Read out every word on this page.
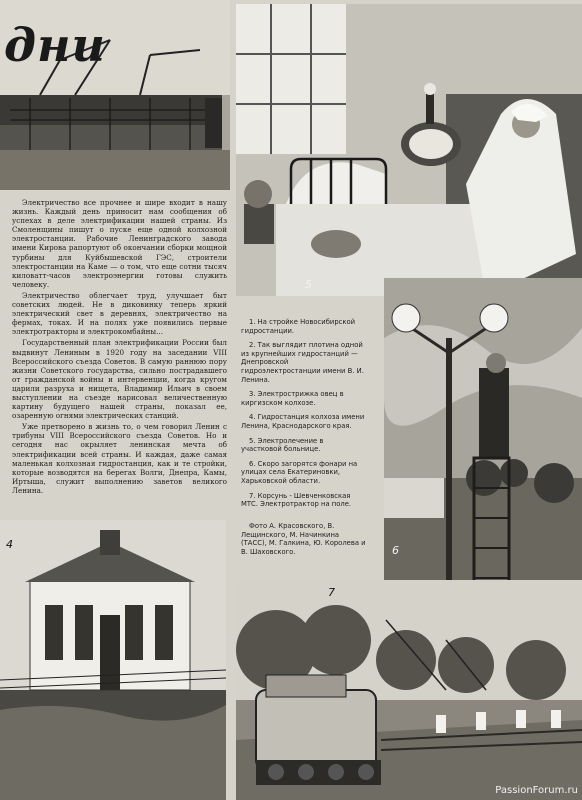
дни

Электричество все прочнее и шире входит в нашу жизнь. Каждый день приносит нам сообщения об успехах в деле электрификации нашей страны. Из Смоленщины пишут о пуске еще одной колхозной электростанции. Рабочие Ленинградского завода имени Кирова рапортуют об окончании сборки мощной турбины для Куйбышевской ГЭС, строители электростанции на Каме — о том, что еще сотни тысяч киловатт-часов электроэнергии готовы служить человеку.

Электричество облегчает труд, улучшает быт советских людей. Не в диковинку теперь яркий электрический свет в деревнях, электричество на фермах, токах. И на полях уже появились первые электротракторы и электрокомбайны...

Государственный план электрификации России был выдвинут Лениным в 1920 году на заседании VIII Всероссийского съезда Советов. В самую раннюю пору жизни Советского государства, сильно пострадавшего от гражданской войны и интервенции, когда кругом царили разруха и нищета, Владимир Ильич в своем выступлении на съезде нарисовал величественную картину будущего нашей страны, показал ее, озаренную огнями электрических станций.

Уже претворено в жизнь то, о чем говорил Ленин с трибуны VIII Всероссийского съезда Советов. Но и сегодня нас окрыляет ленинская мечта об электрификации всей страны. И каждая, даже самая маленькая колхозная гидростанция, как и те стройки, которые возводятся на берегах Волги, Днепра, Камы, Иртыша, служит выполнению заветов великого Ленина.

5

1. На стройке Новосибирской гидростанции.

2. Так выглядит плотина одной из крупнейших гидростанций — Днепровской гидроэлектростанции имени В. И. Ленина.

3. Электрострижка овец в киргизском колхозе.

4. Гидростанция колхоза имени Ленина, Краснодарского края.

5. Электролечение в участковой больнице.

6. Скоро загорятся фонари на улицах села Екатериновки, Харьковской области.

7. Корсунь - Шевченковская МТС. Электротрактор на поле.

Фото А. Красовского, В. Лещинского, М. Начинкина (ТАСС), М. Галкина, Ю. Королева и В. Шаховского.	6
4
7
PassionForum.ru
